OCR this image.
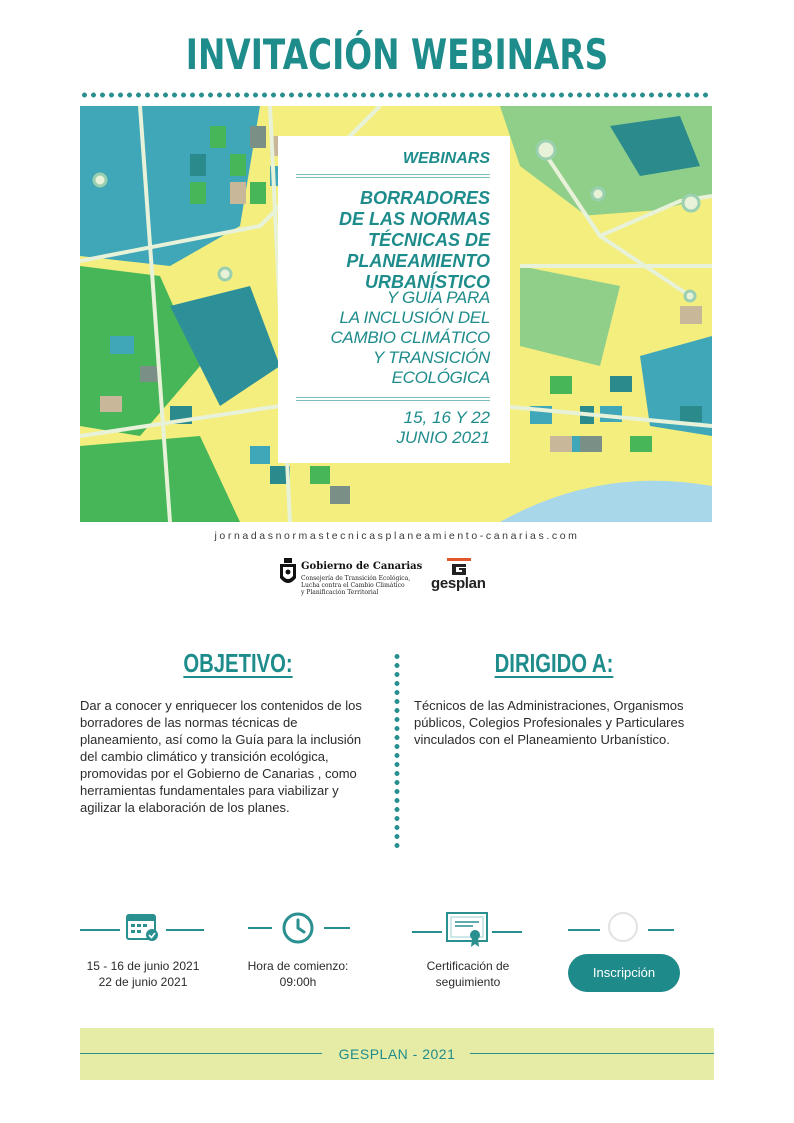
INVITACIÓN WEBINARS
WEBINARS
BORRADORES
DE LAS NORMAS
TÉCNICAS DE
PLANEAMIENTO
URBANÍSTICO
Y GUÍA PARA
LA INCLUSIÓN DEL
CAMBIO CLIMÁTICO
Y TRANSICIÓN
ECOLÓGICA
15, 16 Y 22
JUNIO 2021
jornadasnormastecnicasplaneamiento-canarias.com
Gobierno de Canarias
Consejería de Transición Ecológica,
Lucha contra el Cambio Climático
y Planificación Territorial
gesplan
OBJETIVO:	DIRIGIDO A:
Dar a conocer y enriquecer los contenidos de los borradores de las normas técnicas de planeamiento, así como la Guía para la inclusión del cambio climático y transición ecológica, promovidas por el Gobierno de Canarias , como herramientas fundamentales para viabilizar y agilizar la elaboración de los planes.
Técnicos de las Administraciones, Organismos públicos, Colegios Profesionales y Particulares vinculados con el Planeamiento Urbanístico.
15 - 16 de junio 2021
22 de junio 2021
Hora de comienzo:
09:00h
Certificación de
seguimiento
Inscripción
GESPLAN - 2021
